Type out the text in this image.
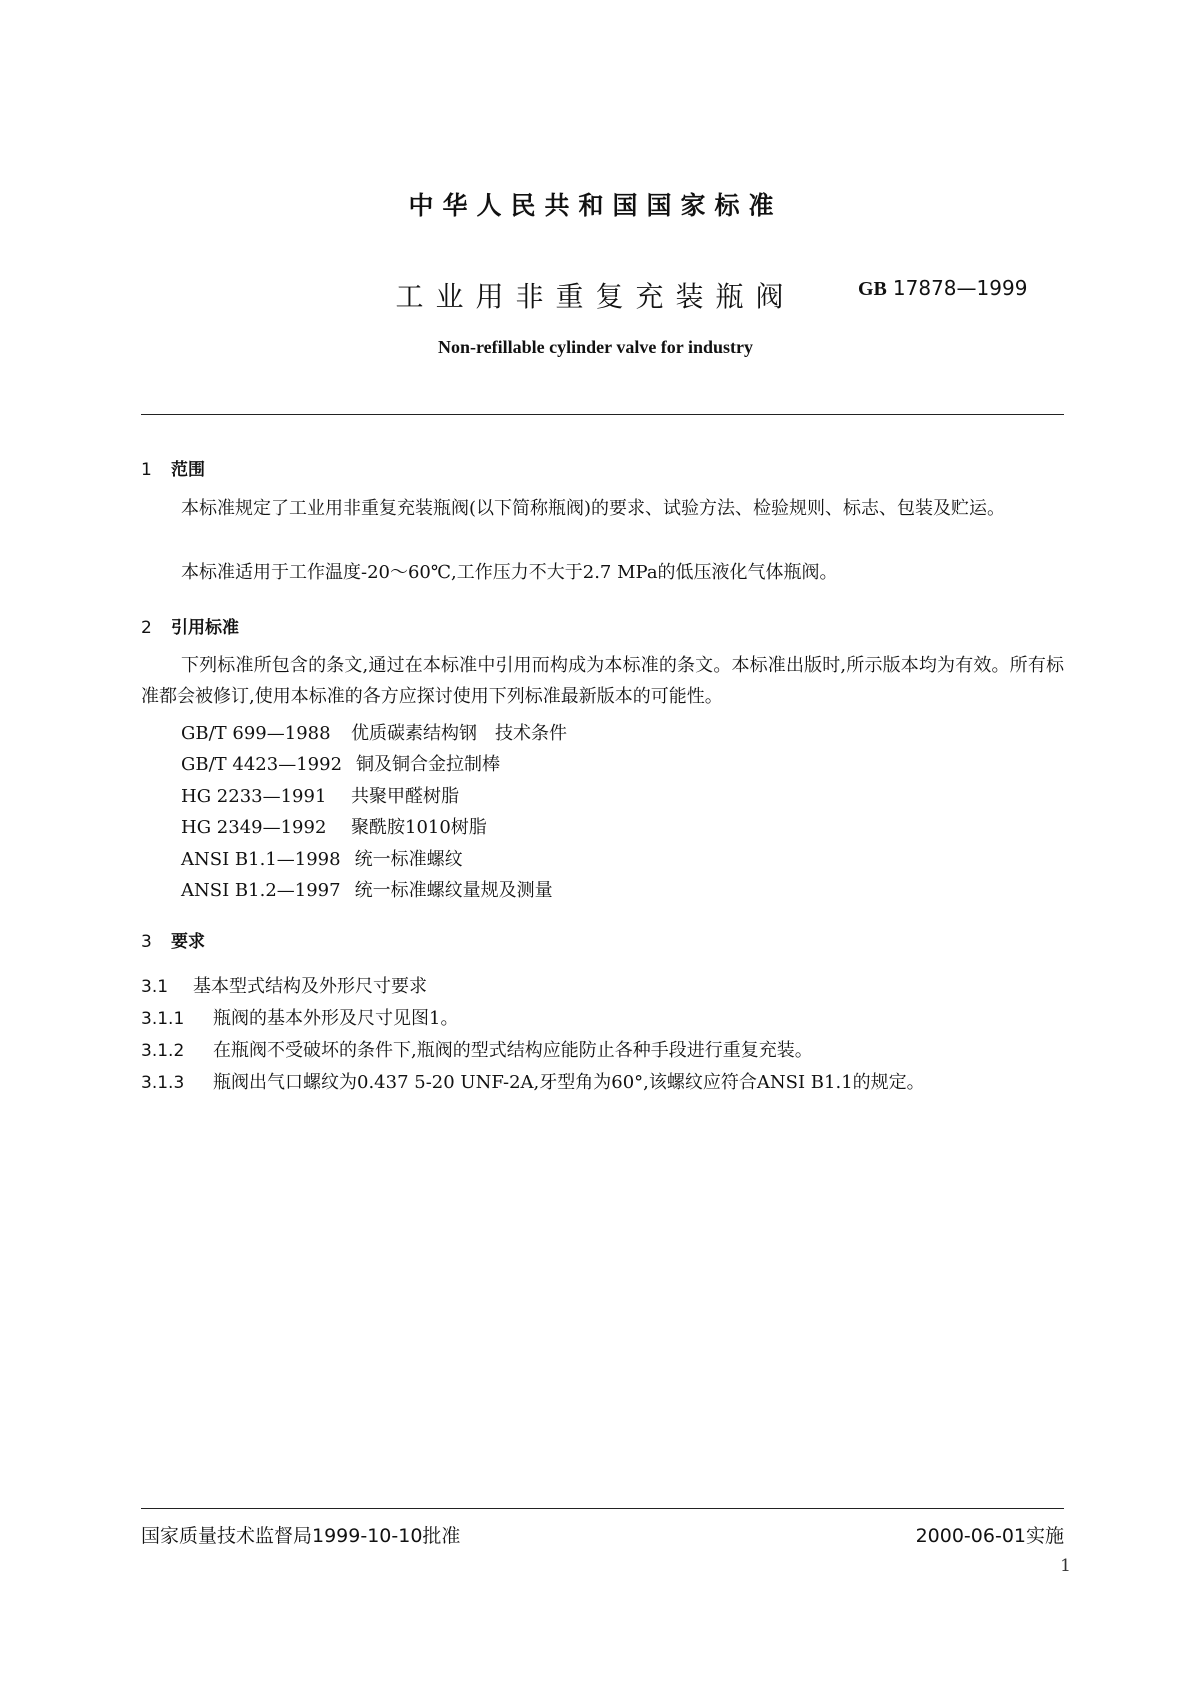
中华人民共和国国家标准
工业用非重复充装瓶阀	GB 17878—1999
Non-refillable cylinder valve for industry
1 范围
本标准规定了工业用非重复充装瓶阀(以下简称瓶阀)的要求、试验方法、检验规则、标志、包装及贮运。
本标准适用于工作温度-20～60℃,工作压力不大于2.7 MPa的低压液化气体瓶阀。
2 引用标准
下列标准所包含的条文,通过在本标准中引用而构成为本标准的条文。本标准出版时,所示版本均为有效。所有标准都会被修订,使用本标准的各方应探讨使用下列标准最新版本的可能性。
GB/T 699—1988 优质碳素结构钢　技术条件
GB/T 4423—1992 铜及铜合金拉制棒
HG 2233—1991 共聚甲醛树脂
HG 2349—1992 聚酰胺1010树脂
ANSI B1.1—1998 统一标准螺纹
ANSI B1.2—1997 统一标准螺纹量规及测量
3 要求
3.1 基本型式结构及外形尺寸要求
3.1.1 瓶阀的基本外形及尺寸见图1。
3.1.2 在瓶阀不受破坏的条件下,瓶阀的型式结构应能防止各种手段进行重复充装。
3.1.3 瓶阀出气口螺纹为0.437 5-20 UNF-2A,牙型角为60°,该螺纹应符合ANSI B1.1的规定。
国家质量技术监督局1999-10-10批准	2000-06-01实施
1
